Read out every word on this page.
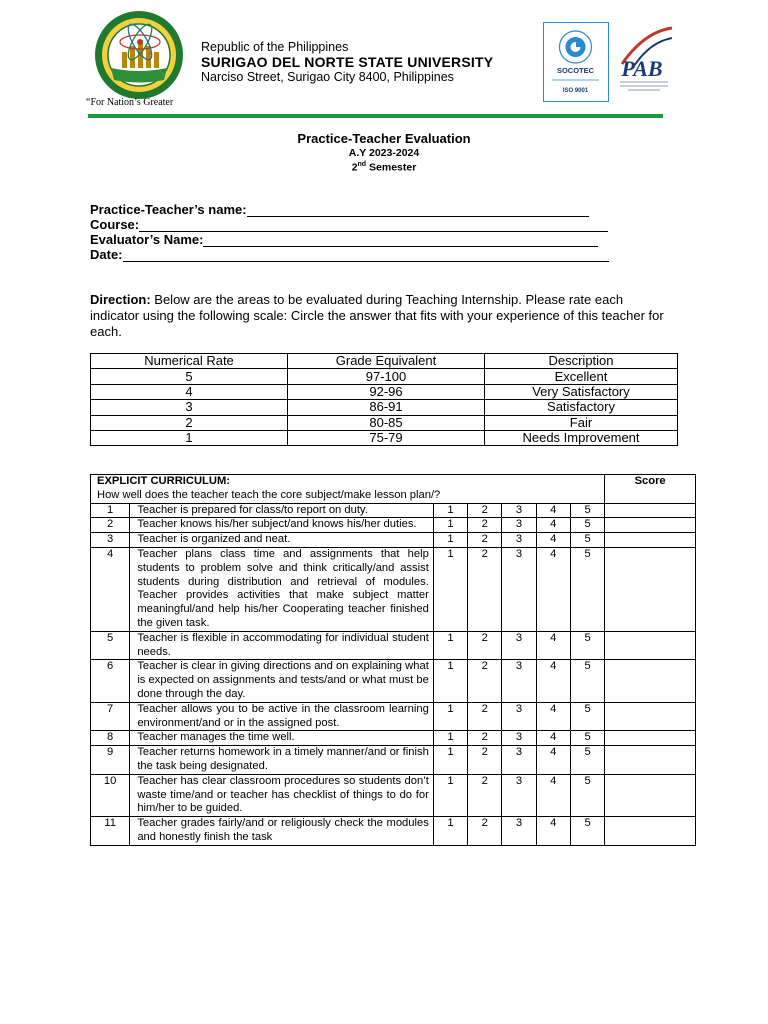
“For Nation’s Greater
Republic of the Philippines
SURIGAO DEL NORTE STATE UNIVERSITY
Narciso Street, Surigao City 8400, Philippines	SOCOTEC
ISO 9001
PAB
Practice-Teacher Evaluation
A.Y 2023-2024
2nd Semester
Practice-Teacher’s name:
Course:
Evaluator’s Name:
Date:
Direction: Below are the areas to be evaluated during Teaching Internship. Please rate each indicator using the following scale: Circle the answer that fits with your experience of this teacher for each.
Numerical Rate	Grade Equivalent	Description
5	97-100	Excellent
4	92-96	Very Satisfactory
3	86-91	Satisfactory
2	80-85	Fair
1	75-79	Needs Improvement
EXPLICIT CURRICULUM:
How well does the teacher teach the core subject/make lesson plan/?							Score
1	Teacher is prepared for class/to report on duty.	1	2	3	4	5	
2	Teacher knows his/her subject/and knows his/her duties.	1	2	3	4	5	
3	Teacher is organized and neat.	1	2	3	4	5	
4	Teacher plans class time and assignments that help students to problem solve and think critically/and assist students during distribution and retrieval of modules. Teacher provides activities that make subject matter meaningful/and help his/her Cooperating teacher finished the given task.	1	2	3	4	5	
5	Teacher is flexible in accommodating for individual student needs.	1	2	3	4	5	
6	Teacher is clear in giving directions and on explaining what is expected on assignments and tests/and or what must be done through the day.	1	2	3	4	5	
7	Teacher allows you to be active in the classroom learning environment/and or in the assigned post.	1	2	3	4	5	
8	Teacher manages the time well.	1	2	3	4	5	
9	Teacher returns homework in a timely manner/and or finish the task being designated.	1	2	3	4	5	
10	Teacher has clear classroom procedures so students don’t waste time/and or teacher has checklist of things to do for him/her to be guided.	1	2	3	4	5	
11	Teacher grades fairly/and or religiously check the modules and honestly finish the task	1	2	3	4	5	
